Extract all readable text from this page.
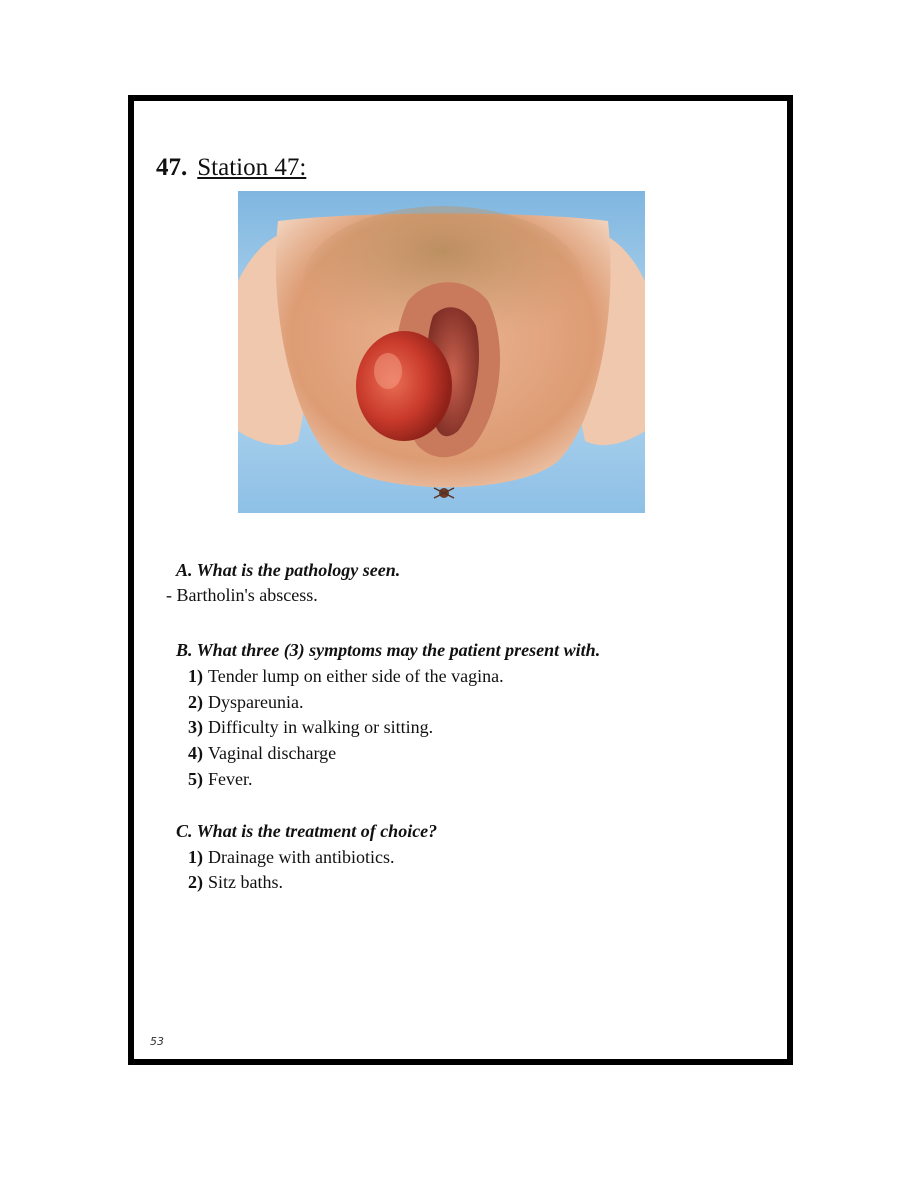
47. Station 47:
A. What is the pathology seen.
- Bartholin's abscess.
B. What three (3) symptoms may the patient present with.
1) Tender lump on either side of the vagina.
2) Dyspareunia.
3) Difficulty in walking or sitting.
4) Vaginal discharge
5) Fever.
C. What is the treatment of choice?
1) Drainage with antibiotics.
2) Sitz baths.
53
